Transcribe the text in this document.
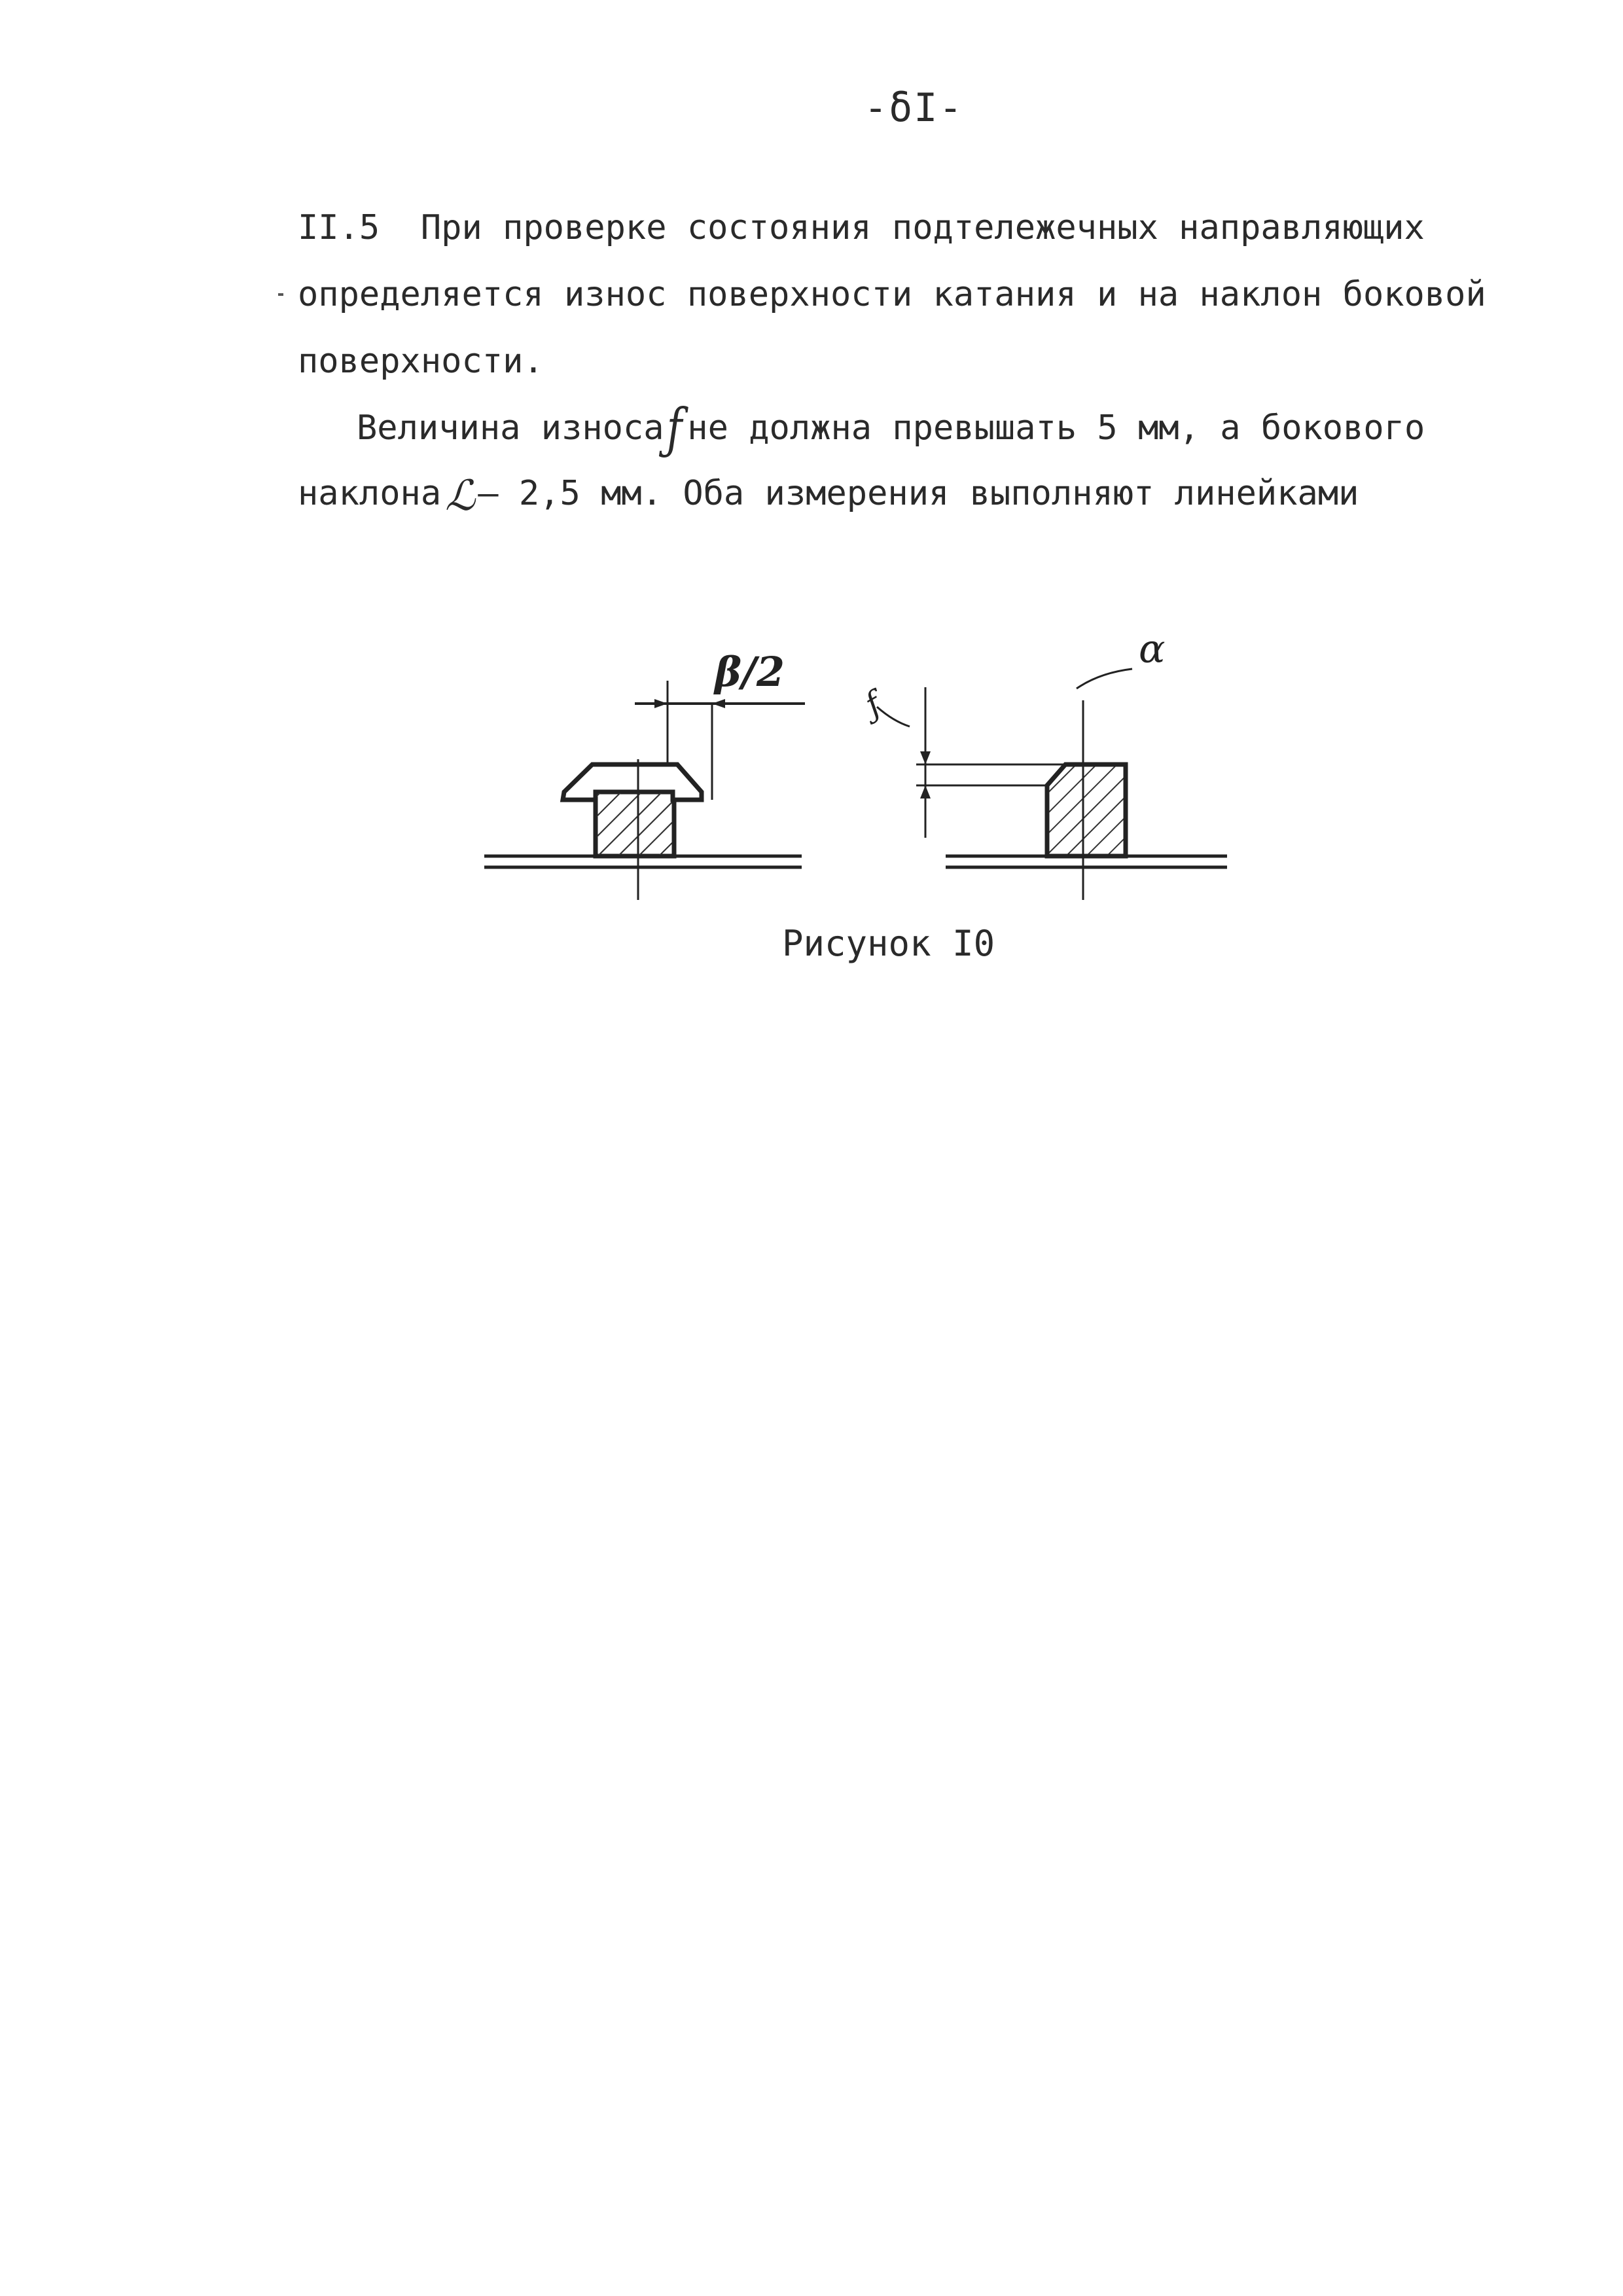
-δI-
II.5  При проверке состояния подтележечных направляющих
определяется износ поверхности катания и на наклон боковой
поверхности.
Величина износаƒ не должна превышать 5 мм, а бокового
наклонаℒ– 2,5 мм. Оба измерения выполняют линейками
β/2	α
ƒ
Рисунок I0
